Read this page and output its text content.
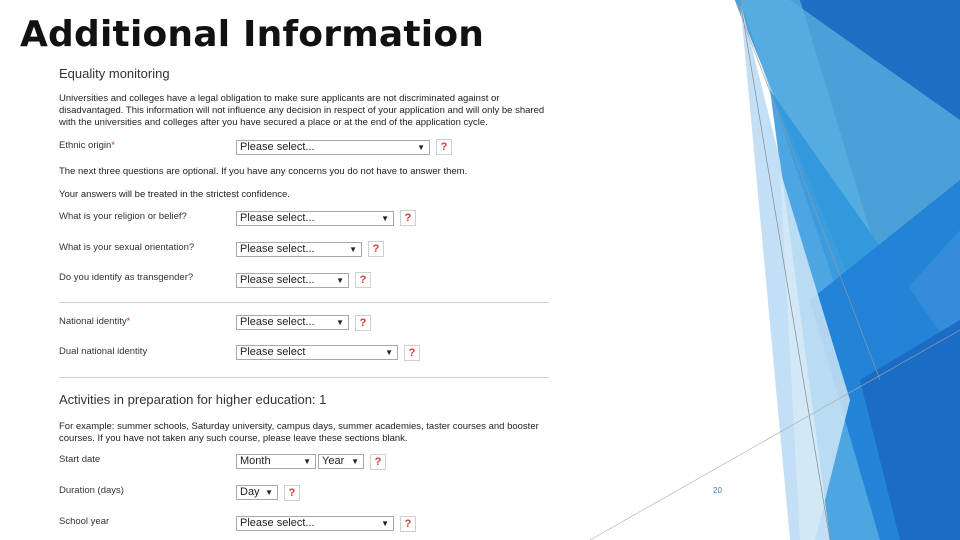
Additional Information
20
Equality monitoring
Universities and colleges have a legal obligation to make sure applicants are not discriminated against or disadvantaged. This information will not influence any decision in respect of your application and will only be shared with the universities and colleges after you have secured a place or at the end of the application cycle.
Ethnic origin*	Please select...	▼	?
The next three questions are optional. If you have any concerns you do not have to answer them.
Your answers will be treated in the strictest confidence.
What is your religion or belief?	Please select...	▼	?
What is your sexual orientation?	Please select...	▼	?
Do you identify as transgender?	Please select...	▼	?
National identity*	Please select...	▼	?
Dual national identity	Please select	▼	?
Activities in preparation for higher education: 1
For example: summer schools, Saturday university, campus days, summer academies, taster courses and booster courses. If you have not taken any such course, please leave these sections blank.
Start date	Month	▼	Year ▼	?
Duration (days)	Day ▼	?
School year	Please select...	▼	?
